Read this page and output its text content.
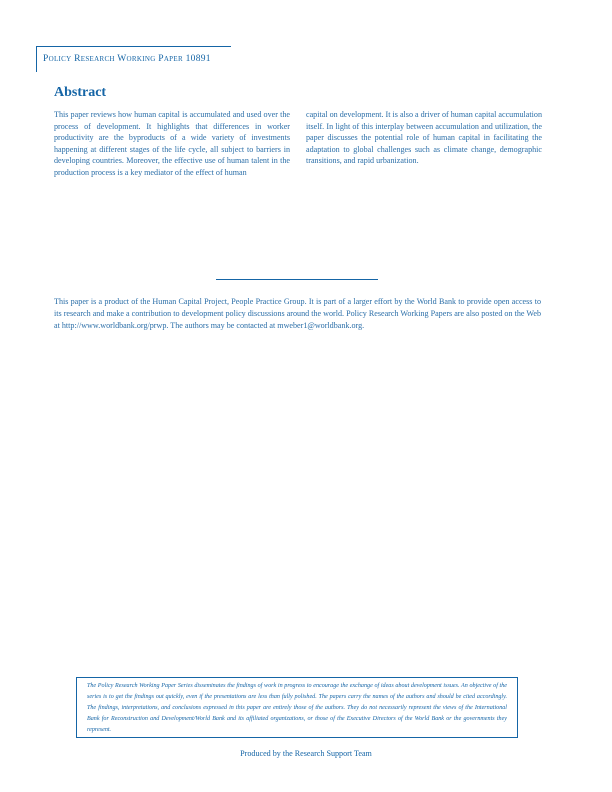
Policy Research Working Paper 10891
Abstract
This paper reviews how human capital is accumulated and used over the process of development. It highlights that differences in worker productivity are the byproducts of a wide variety of investments happening at different stages of the life cycle, all subject to barriers in developing countries. Moreover, the effective use of human talent in the production process is a key mediator of the effect of human
capital on development. It is also a driver of human capital accumulation itself. In light of this interplay between accumulation and utilization, the paper discusses the potential role of human capital in facilitating the adaptation to global challenges such as climate change, demographic transitions, and rapid urbanization.
This paper is a product of the Human Capital Project, People Practice Group. It is part of a larger effort by the World Bank to provide open access to its research and make a contribution to development policy discussions around the world. Policy Research Working Papers are also posted on the Web at http://www.worldbank.org/prwp. The authors may be contacted at mweber1@worldbank.org.
The Policy Research Working Paper Series disseminates the findings of work in progress to encourage the exchange of ideas about development issues. An objective of the series is to get the findings out quickly, even if the presentations are less than fully polished. The papers carry the names of the authors and should be cited accordingly. The findings, interpretations, and conclusions expressed in this paper are entirely those of the authors. They do not necessarily represent the views of the International Bank for Reconstruction and Development/World Bank and its affiliated organizations, or those of the Executive Directors of the World Bank or the governments they represent.
Produced by the Research Support Team
